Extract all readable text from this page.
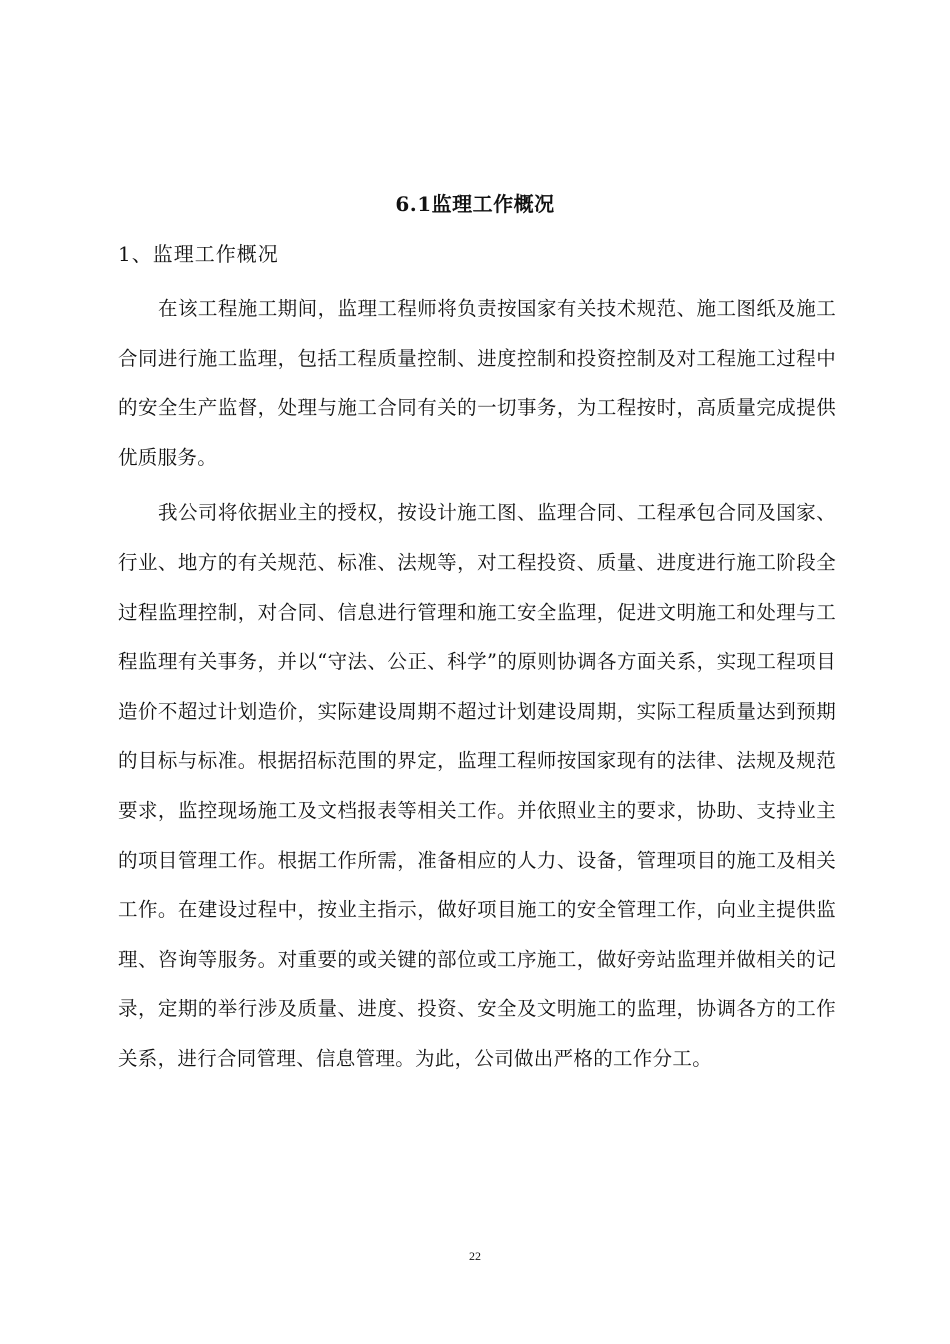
6.1监理工作概况
1、监理工作概况

在该工程施工期间，监理工程师将负责按国家有关技术规范、施工图纸及施工合同进行施工监理，包括工程质量控制、进度控制和投资控制及对工程施工过程中的安全生产监督，处理与施工合同有关的一切事务，为工程按时，高质量完成提供优质服务。

我公司将依据业主的授权，按设计施工图、监理合同、工程承包合同及国家、行业、地方的有关规范、标准、法规等，对工程投资、质量、进度进行施工阶段全过程监理控制，对合同、信息进行管理和施工安全监理，促进文明施工和处理与工程监理有关事务，并以“守法、公正、科学”的原则协调各方面关系，实现工程项目造价不超过计划造价，实际建设周期不超过计划建设周期，实际工程质量达到预期的目标与标准。根据招标范围的界定，监理工程师按国家现有的法律、法规及规范要求，监控现场施工及文档报表等相关工作。并依照业主的要求，协助、支持业主的项目管理工作。根据工作所需，准备相应的人力、设备，管理项目的施工及相关工作。在建设过程中，按业主指示，做好项目施工的安全管理工作，向业主提供监理、咨询等服务。对重要的或关键的部位或工序施工，做好旁站监理并做相关的记录，定期的举行涉及质量、进度、投资、安全及文明施工的监理，协调各方的工作关系，进行合同管理、信息管理。为此，公司做出严格的工作分工。

22
